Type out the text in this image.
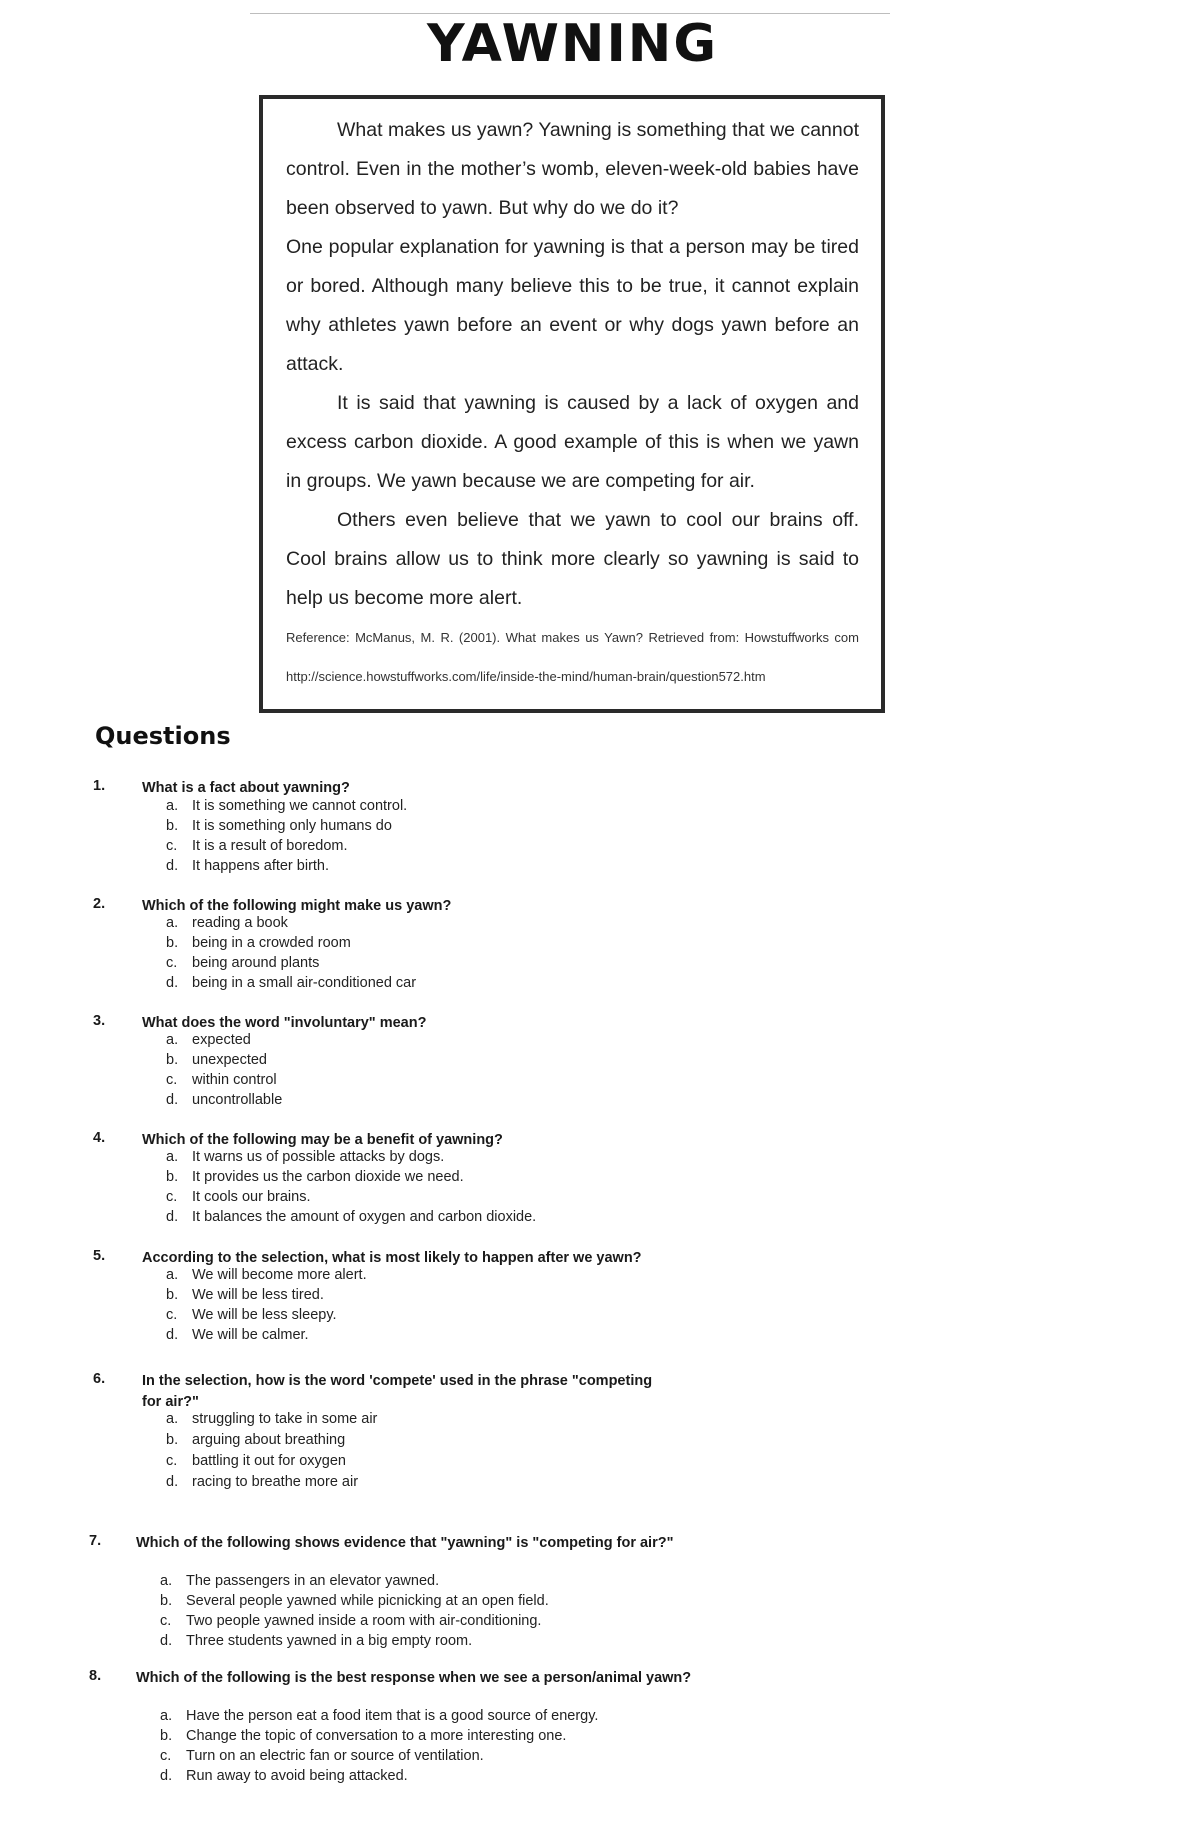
YAWNING

What makes us yawn? Yawning is something that we cannot control. Even in the mother’s womb, eleven-week-old babies have been observed to yawn. But why do we do it?

One popular explanation for yawning is that a person may be tired or bored. Although many believe this to be true, it cannot explain why athletes yawn before an event or why dogs yawn before an attack.

It is said that yawning is caused by a lack of oxygen and excess carbon dioxide. A good example of this is when we yawn in groups. We yawn because we are competing for air.

Others even believe that we yawn to cool our brains off. Cool brains allow us to think more clearly so yawning is said to help us become more alert.

Reference: McManus, M. R. (2001). What makes us Yawn? Retrieved from: Howstuffworks com http://science.howstuffworks.com/life/inside-the-mind/human-brain/question572.htm

Questions
1.	What is a fact about yawning?
a. It is something we cannot control.
b. It is something only humans do
c. It is a result of boredom.
d. It happens after birth.
2.	Which of the following might make us yawn?
a. reading a book
b. being in a crowded room
c. being around plants
d. being in a small air-conditioned car
3.	What does the word "involuntary" mean?
a. expected
b. unexpected
c. within control
d. uncontrollable
4.	Which of the following may be a benefit of yawning?
a. It warns us of possible attacks by dogs.
b. It provides us the carbon dioxide we need.
c. It cools our brains.
d. It balances the amount of oxygen and carbon dioxide.
5.	According to the selection, what is most likely to happen after we yawn?
a. We will become more alert.
b. We will be less tired.
c. We will be less sleepy.
d. We will be calmer.
6.	In the selection, how is the word 'compete' used in the phrase "competing for air?"
a. struggling to take in some air
b. arguing about breathing
c. battling it out for oxygen
d. racing to breathe more air
7. Which of the following shows evidence that "yawning" is "competing for air?"
a. The passengers in an elevator yawned.
b. Several people yawned while picnicking at an open field.
c. Two people yawned inside a room with air-conditioning.
d. Three students yawned in a big empty room.
8. Which of the following is the best response when we see a person/animal yawn?
a. Have the person eat a food item that is a good source of energy.
b. Change the topic of conversation to a more interesting one.
c. Turn on an electric fan or source of ventilation.
d. Run away to avoid being attacked.
